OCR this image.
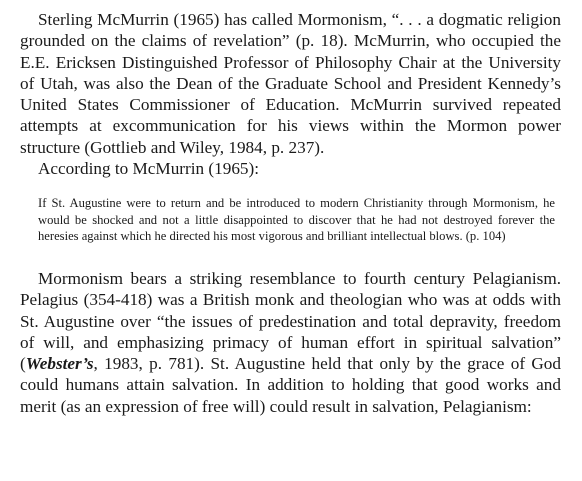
Sterling McMurrin (1965) has called Mormonism, “. . . a dogmatic religion grounded on the claims of revelation” (p. 18). McMurrin, who occupied the E.E. Ericksen Distinguished Professor of Philosophy Chair at the University of Utah, was also the Dean of the Graduate School and President Kennedy’s United States Commissioner of Education. McMurrin survived repeated attempts at excommunication for his views within the Mormon power structure (Gottlieb and Wiley, 1984, p. 237).

According to McMurrin (1965):

If St. Augustine were to return and be introduced to modern Christianity through Mormonism, he would be shocked and not a little disappointed to discover that he had not destroyed forever the heresies against which he directed his most vigorous and brilliant intellectual blows. (p. 104)

Mormonism bears a striking resemblance to fourth century Pelagianism. Pelagius (354-418) was a British monk and theologian who was at odds with St. Augustine over “the issues of predestination and total depravity, freedom of will, and emphasizing primacy of human effort in spiritual salvation” (Webster’s, 1983, p. 781). St. Augustine held that only by the grace of God could humans attain salvation. In addition to holding that good works and merit (as an expression of free will) could result in salvation, Pelagianism:
